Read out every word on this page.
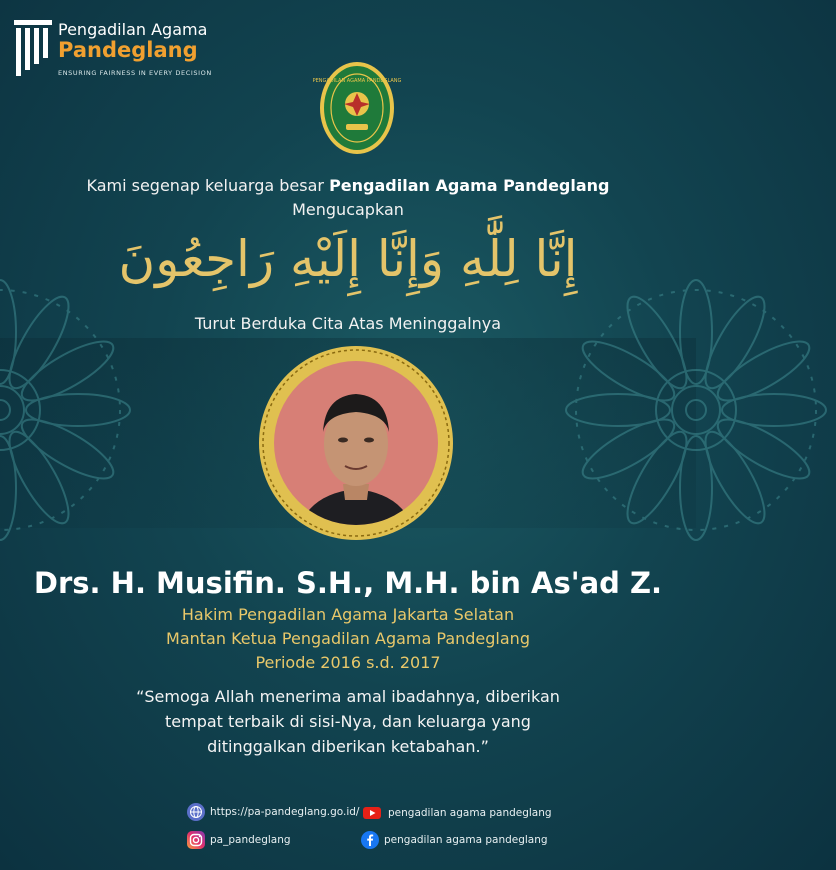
Pengadilan Agama
Pandeglang
ENSURING FAIRNESS IN EVERY DECISION
PENGADILAN AGAMA PANDEGLANG
Kami segenap keluarga besar Pengadilan Agama Pandeglang
Mengucapkan
إِنَّا لِلَّٰهِ وَإِنَّا إِلَيْهِ رَاجِعُونَ
Turut Berduka Cita Atas Meninggalnya
Drs. H. Musifin. S.H., M.H. bin As'ad Z.
Hakim Pengadilan Agama Jakarta Selatan
Mantan Ketua Pengadilan Agama Pandeglang
Periode 2016 s.d. 2017
“Semoga Allah menerima amal ibadahnya, diberikan
tempat terbaik di sisi-Nya, dan keluarga yang
ditinggalkan diberikan ketabahan.”
https://pa-pandeglang.go.id/	pengadilan agama pandeglang
pa_pandeglang	pengadilan agama pandeglang
